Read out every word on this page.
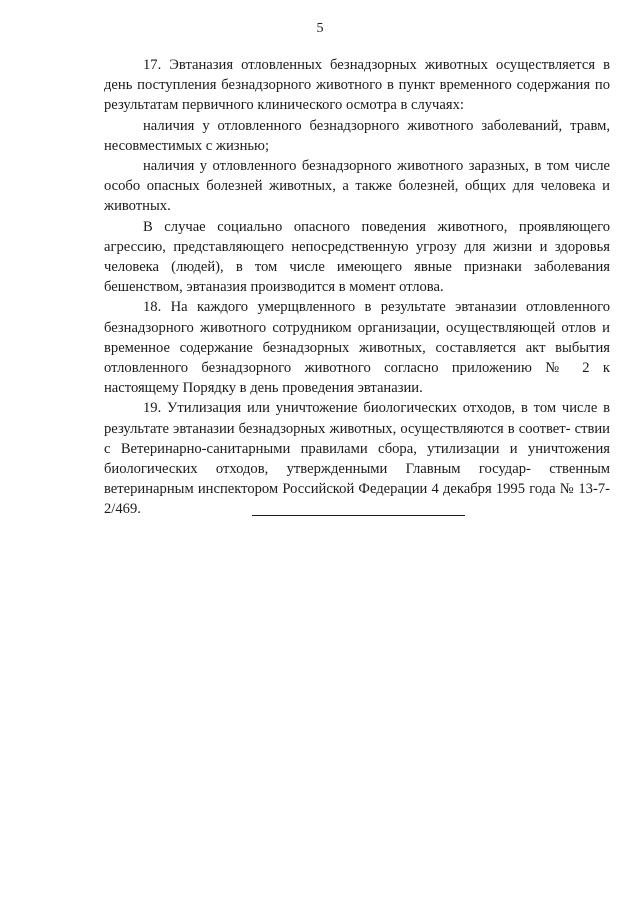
5

17. Эвтаназия отловленных безнадзорных животных осуществляется в день поступления безнадзорного животного в пункт временного содержания по результатам первичного клинического осмотра в случаях:

наличия у отловленного безнадзорного животного заболеваний, травм, несовместимых с жизнью;

наличия у отловленного безнадзорного животного заразных, в том числе особо опасных болезней животных, а также болезней, общих для человека и животных.

В случае социально опасного поведения животного, проявляющего агрессию, представляющего непосредственную угрозу для жизни и здоровья человека (людей), в том числе имеющего явные признаки заболевания бешенством, эвтаназия производится в момент отлова.

18. На каждого умерщвленного в результате эвтаназии отловленного безнадзорного животного сотрудником организации, осуществляющей отлов и временное содержание безнадзорных животных, составляется акт выбытия отловленного безнадзорного животного согласно приложению № 2 к настоящему Порядку в день проведения эвтаназии.

19. Утилизация или уничтожение биологических отходов, в том числе в результате эвтаназии безнадзорных животных, осуществляются в соответ- ствии с Ветеринарно-санитарными правилами сбора, утилизации и уничтожения биологических отходов, утвержденными Главным государ- ственным ветеринарным инспектором Российской Федерации 4 декабря 1995 года № 13-7-2/469.
